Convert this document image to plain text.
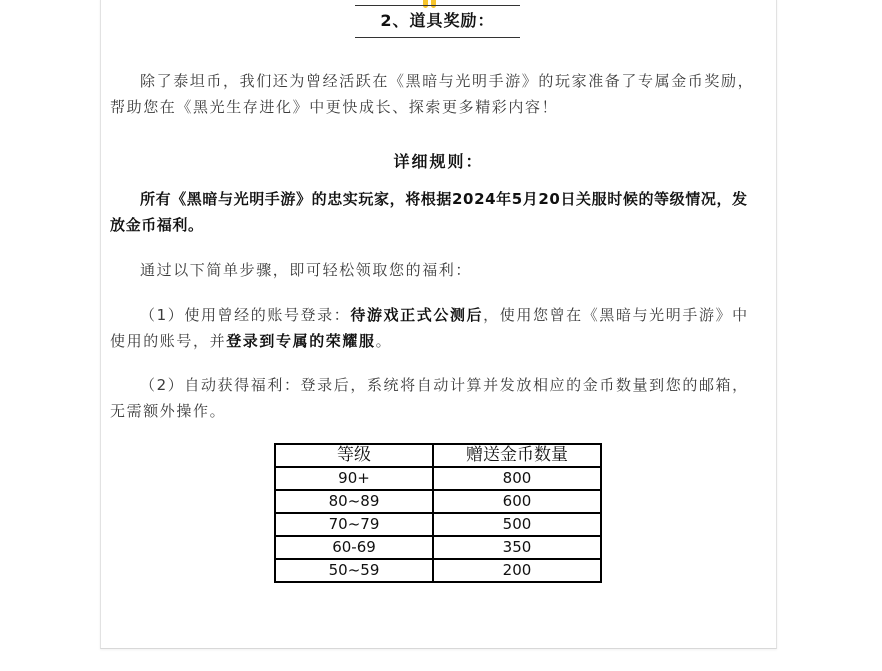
2、道具奖励：
除了泰坦币，我们还为曾经活跃在《黑暗与光明手游》的玩家准备了专属金币奖励，帮助您在《黑光生存进化》中更快成长、探索更多精彩内容！
详细规则：
所有《黑暗与光明手游》的忠实玩家，将根据2024年5月20日关服时候的等级情况，发放金币福利。
通过以下简单步骤，即可轻松领取您的福利：
（1）使用曾经的账号登录：待游戏正式公测后，使用您曾在《黑暗与光明手游》中使用的账号，并登录到专属的荣耀服。
（2）自动获得福利：登录后，系统将自动计算并发放相应的金币数量到您的邮箱，无需额外操作。
等级	赠送金币数量
90+	800
80~89	600
70~79	500
60-69	350
50~59	200
